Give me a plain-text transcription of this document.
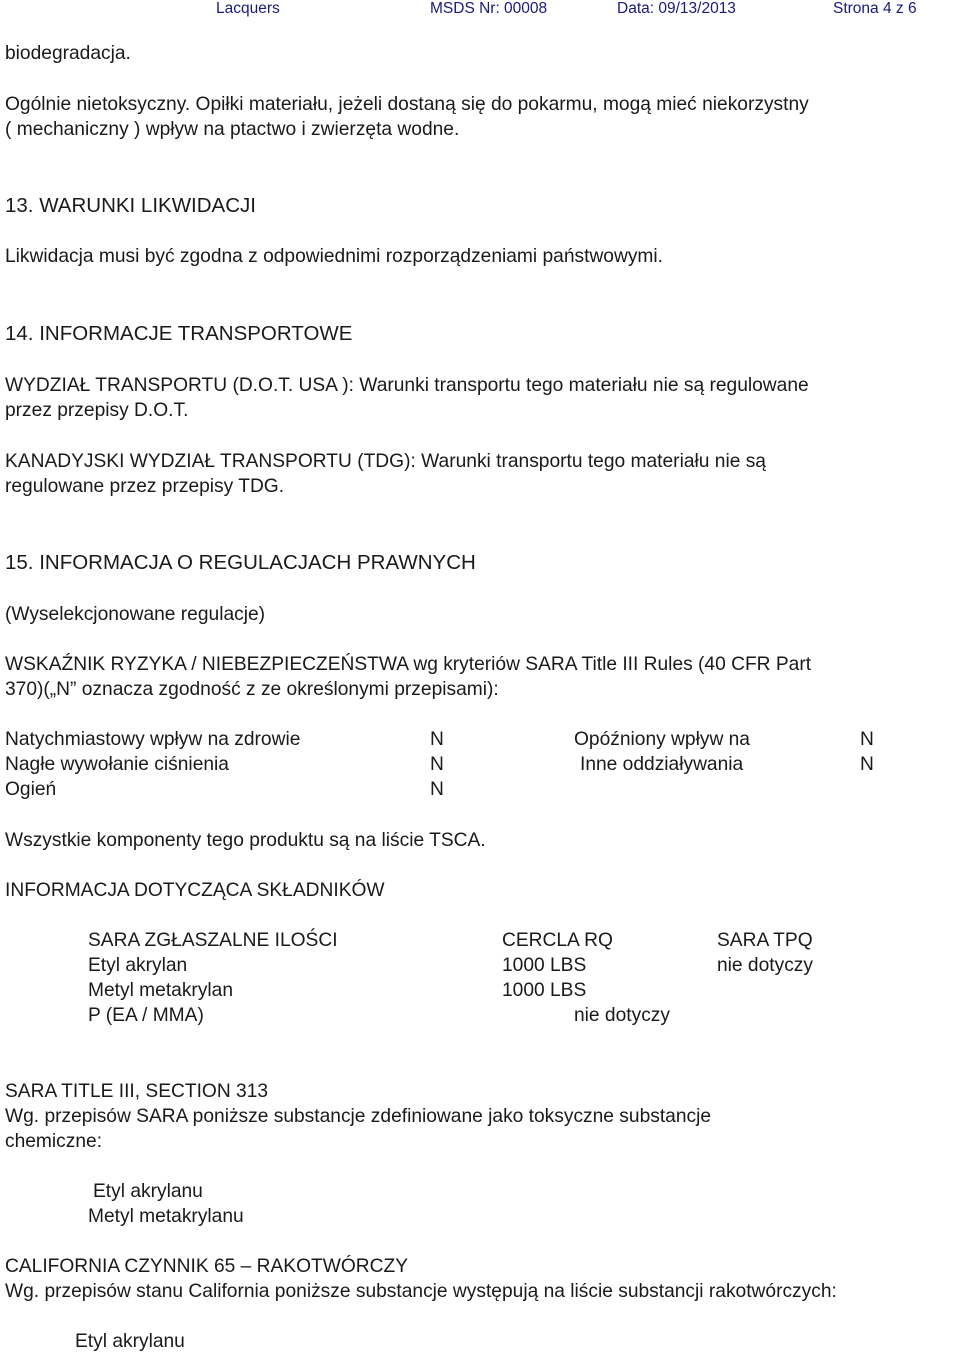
Lacquers	MSDS Nr: 00008	Data: 09/13/2013	Strona 4 z 6
biodegradacja.
Ogólnie nietoksyczny. Opiłki materiału, jeżeli dostaną się do pokarmu, mogą mieć niekorzystny
( mechaniczny ) wpływ na ptactwo i zwierzęta wodne.
13. WARUNKI LIKWIDACJI
Likwidacja musi być zgodna z odpowiednimi rozporządzeniami państwowymi.
14. INFORMACJE TRANSPORTOWE
WYDZIAŁ TRANSPORTU (D.O.T. USA ): Warunki transportu tego materiału nie są regulowane
przez przepisy D.O.T.
KANADYJSKI WYDZIAŁ TRANSPORTU (TDG): Warunki transportu tego materiału nie są
regulowane przez przepisy TDG.
15. INFORMACJA O REGULACJACH PRAWNYCH
(Wyselekcjonowane regulacje)
WSKAŹNIK RYZYKA / NIEBEZPIECZEŃSTWA wg kryteriów SARA Title III Rules (40 CFR Part
370)(„N” oznacza zgodność z ze określonymi przepisami):
Natychmiastowy wpływ na zdrowie	N	Opóźniony wpływ na	N
Nagłe wywołanie ciśnienia	N	Inne oddziaływania	N
Ogień	N
Wszystkie komponenty tego produktu są na liście TSCA.
INFORMACJA DOTYCZĄCA SKŁADNIKÓW
SARA ZGŁASZALNE ILOŚCI	CERCLA RQ	SARA TPQ
Etyl akrylan	1000 LBS	nie dotyczy
Metyl metakrylan	1000 LBS
P (EA / MMA)	nie dotyczy
SARA TITLE III, SECTION 313
Wg. przepisów SARA poniższe substancje zdefiniowane jako toksyczne substancje
chemiczne:
Etyl akrylanu
Metyl metakrylanu
CALIFORNIA CZYNNIK 65 – RAKOTWÓRCZY
Wg. przepisów stanu California poniższe substancje występują na liście substancji rakotwórczych:
Etyl akrylanu
